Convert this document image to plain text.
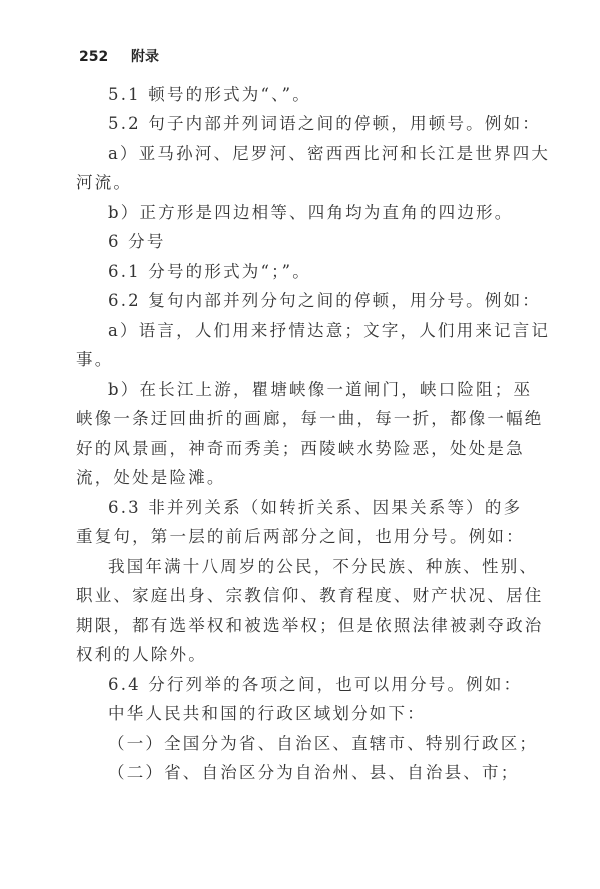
252 附录
5.1 顿号的形式为“、”。
5.2 句子内部并列词语之间的停顿，用顿号。例如：
a）亚马孙河、尼罗河、密西西比河和长江是世界四大
河流。
b）正方形是四边相等、四角均为直角的四边形。
6 分号
6.1 分号的形式为“；”。
6.2 复句内部并列分句之间的停顿，用分号。例如：
a）语言，人们用来抒情达意；文字，人们用来记言记
事。
b）在长江上游，瞿塘峡像一道闸门，峡口险阻；巫
峡像一条迂回曲折的画廊，每一曲，每一折，都像一幅绝
好的风景画，神奇而秀美；西陵峡水势险恶，处处是急
流，处处是险滩。
6.3 非并列关系（如转折关系、因果关系等）的多
重复句，第一层的前后两部分之间，也用分号。例如：
我国年满十八周岁的公民，不分民族、种族、性别、
职业、家庭出身、宗教信仰、教育程度、财产状况、居住
期限，都有选举权和被选举权；但是依照法律被剥夺政治
权利的人除外。
6.4 分行列举的各项之间，也可以用分号。例如：
中华人民共和国的行政区域划分如下：
（一）全国分为省、自治区、直辖市、特别行政区；
（二）省、自治区分为自治州、县、自治县、市；
